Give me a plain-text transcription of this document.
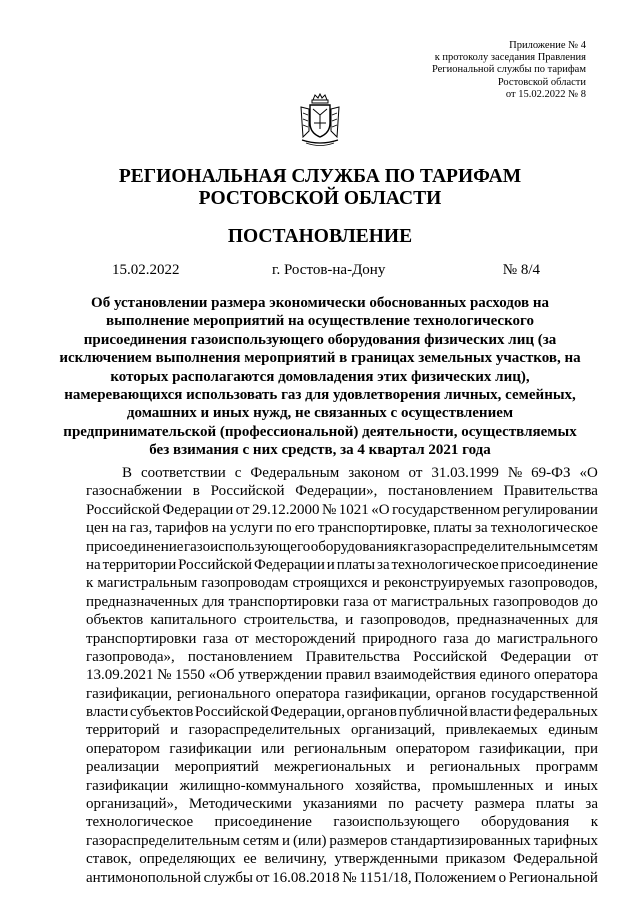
Приложение № 4
к протоколу заседания Правления
Региональной службы по тарифам
Ростовской области
от 15.02.2022 № 8
РЕГИОНАЛЬНАЯ СЛУЖБА ПО ТАРИФАМ
РОСТОВСКОЙ ОБЛАСТИ
ПОСТАНОВЛЕНИЕ
15.02.2022	г. Ростов-на-Дону	№ 8/4
Об установлении размера экономически обоснованных расходов на
выполнение мероприятий на осуществление технологического
присоединения газоиспользующего оборудования физических лиц (за
исключением выполнения мероприятий в границах земельных участков, на
которых располагаются домовладения этих физических лиц),
намеревающихся использовать газ для удовлетворения личных, семейных,
домашних и иных нужд, не связанных с осуществлением
предпринимательской (профессиональной) деятельности, осуществляемых
без взимания с них средств, за 4 квартал 2021 года
В соответствии с Федеральным законом от 31.03.1999 № 69-ФЗ «О
газоснабжении в Российской Федерации», постановлением Правительства
Российской Федерации от 29.12.2000 № 1021 «О государственном регулировании
цен на газ, тарифов на услуги по его транспортировке, платы за технологическое
присоединение газоиспользующего оборудования к газораспределительным сетям
на территории Российской Федерации и платы за технологическое присоединение
к магистральным газопроводам строящихся и реконструируемых газопроводов,
предназначенных для транспортировки газа от магистральных газопроводов до
объектов капитального строительства, и газопроводов, предназначенных для
транспортировки газа от месторождений природного газа до магистрального
газопровода», постановлением Правительства Российской Федерации от
13.09.2021 № 1550 «Об утверждении правил взаимодействия единого оператора
газификации, регионального оператора газификации, органов государственной
власти субъектов Российской Федерации, органов публичной власти федеральных
территорий и газораспределительных организаций, привлекаемых единым
оператором газификации или региональным оператором газификации, при
реализации мероприятий межрегиональных и региональных программ
газификации жилищно-коммунального хозяйства, промышленных и иных
организаций», Методическими указаниями по расчету размера платы за
технологическое присоединение газоиспользующего оборудования к
газораспределительным сетям и (или) размеров стандартизированных тарифных
ставок, определяющих ее величину, утвержденными приказом Федеральной
антимонопольной службы от 16.08.2018 № 1151/18, Положением о Региональной
